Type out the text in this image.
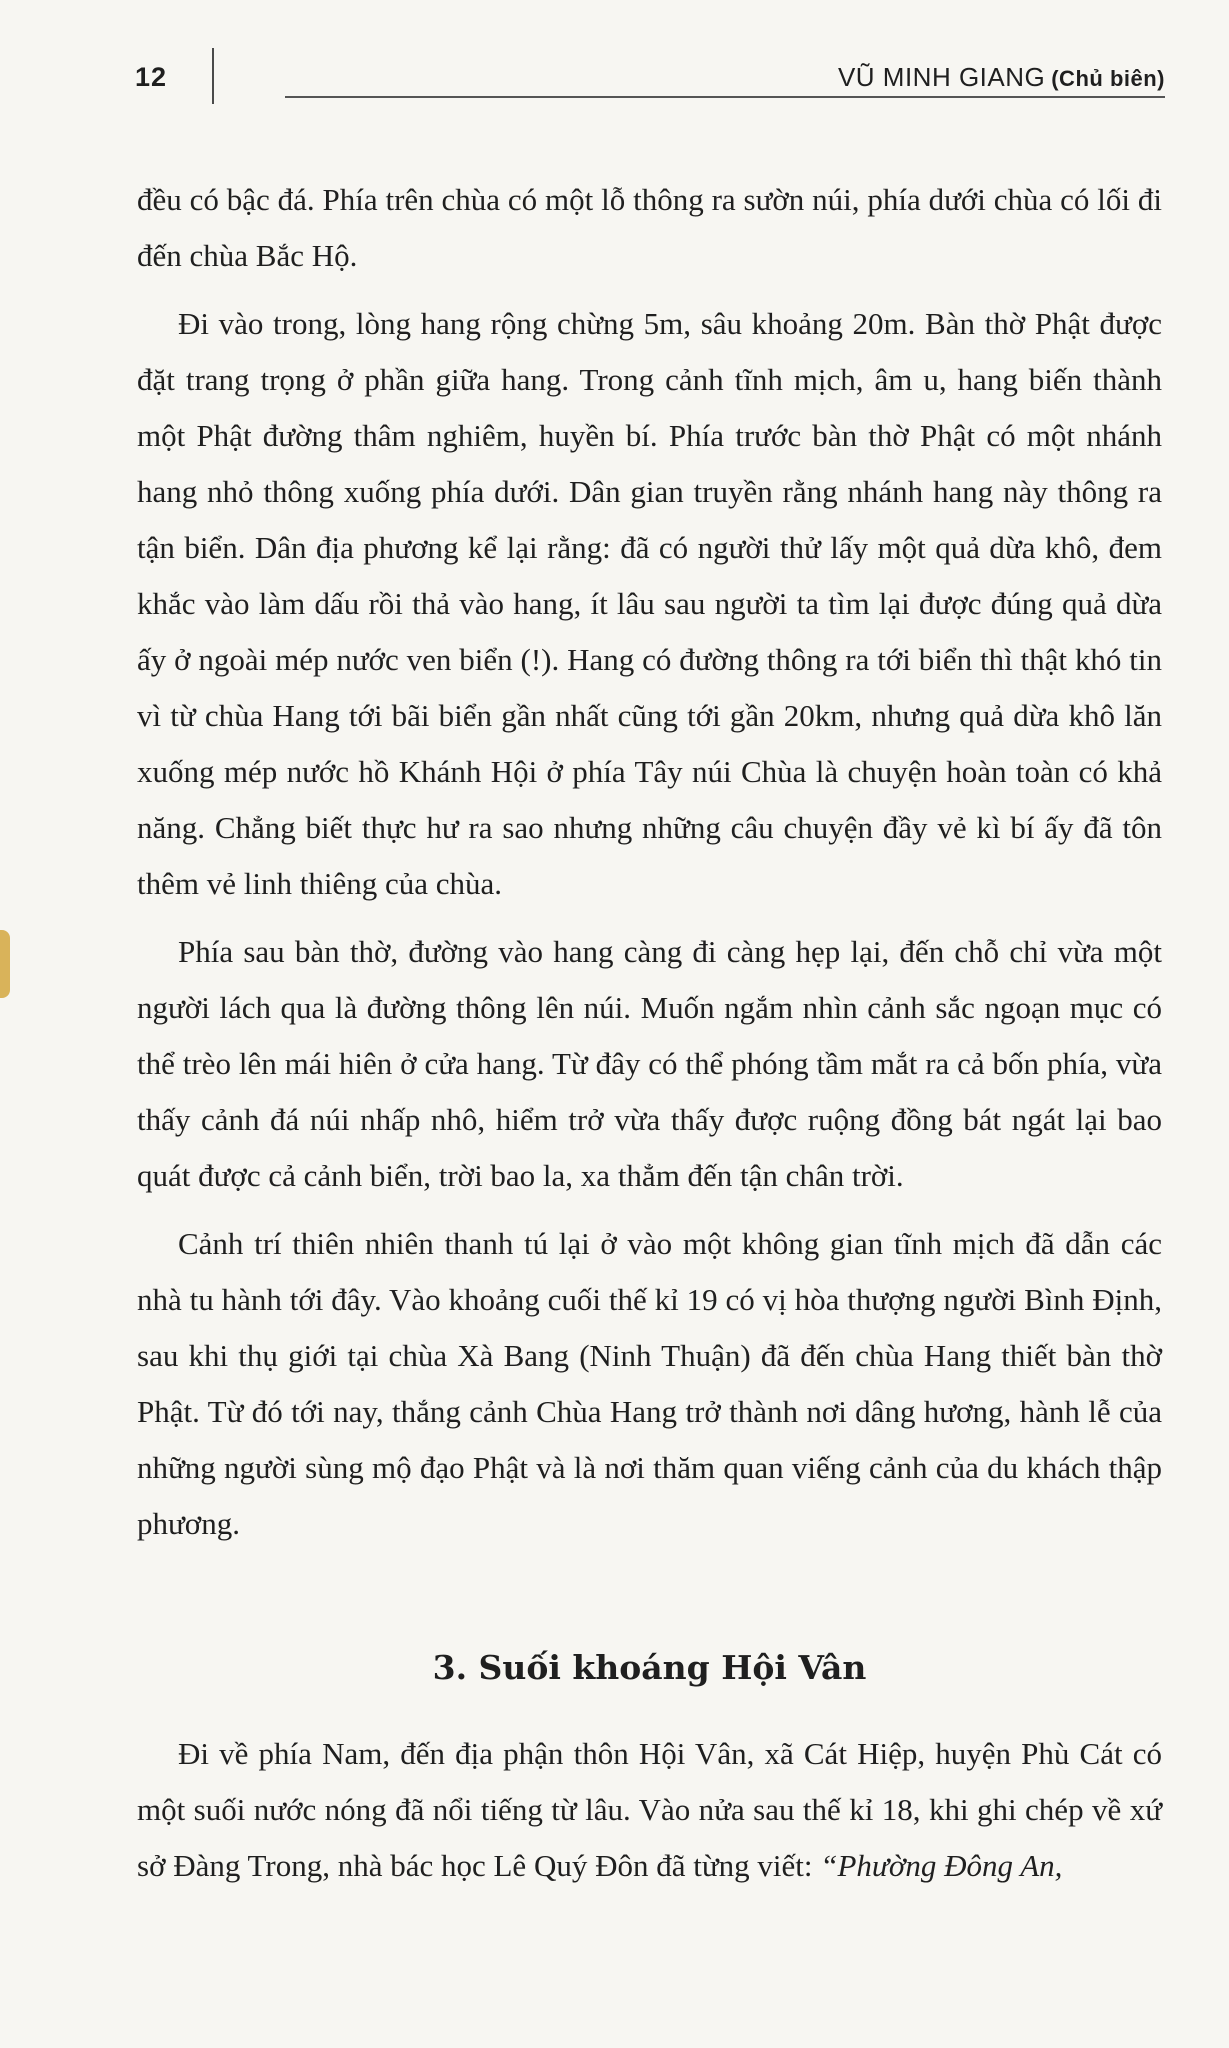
12	VŨ MINH GIANG (Chủ biên)

đều có bậc đá. Phía trên chùa có một lỗ thông ra sườn núi, phía dưới chùa có lối đi đến chùa Bắc Hộ.

Đi vào trong, lòng hang rộng chừng 5m, sâu khoảng 20m. Bàn thờ Phật được đặt trang trọng ở phần giữa hang. Trong cảnh tĩnh mịch, âm u, hang biến thành một Phật đường thâm nghiêm, huyền bí. Phía trước bàn thờ Phật có một nhánh hang nhỏ thông xuống phía dưới. Dân gian truyền rằng nhánh hang này thông ra tận biển. Dân địa phương kể lại rằng: đã có người thử lấy một quả dừa khô, đem khắc vào làm dấu rồi thả vào hang, ít lâu sau người ta tìm lại được đúng quả dừa ấy ở ngoài mép nước ven biển (!). Hang có đường thông ra tới biển thì thật khó tin vì từ chùa Hang tới bãi biển gần nhất cũng tới gần 20km, nhưng quả dừa khô lăn xuống mép nước hồ Khánh Hội ở phía Tây núi Chùa là chuyện hoàn toàn có khả năng. Chẳng biết thực hư ra sao nhưng những câu chuyện đầy vẻ kì bí ấy đã tôn thêm vẻ linh thiêng của chùa.

Phía sau bàn thờ, đường vào hang càng đi càng hẹp lại, đến chỗ chỉ vừa một người lách qua là đường thông lên núi. Muốn ngắm nhìn cảnh sắc ngoạn mục có thể trèo lên mái hiên ở cửa hang. Từ đây có thể phóng tầm mắt ra cả bốn phía, vừa thấy cảnh đá núi nhấp nhô, hiểm trở vừa thấy được ruộng đồng bát ngát lại bao quát được cả cảnh biển, trời bao la, xa thẳm đến tận chân trời.

Cảnh trí thiên nhiên thanh tú lại ở vào một không gian tĩnh mịch đã dẫn các nhà tu hành tới đây. Vào khoảng cuối thế kỉ 19 có vị hòa thượng người Bình Định, sau khi thụ giới tại chùa Xà Bang (Ninh Thuận) đã đến chùa Hang thiết bàn thờ Phật. Từ đó tới nay, thắng cảnh Chùa Hang trở thành nơi dâng hương, hành lễ của những người sùng mộ đạo Phật và là nơi thăm quan viếng cảnh của du khách thập phương.

3. Suối khoáng Hội Vân

Đi về phía Nam, đến địa phận thôn Hội Vân, xã Cát Hiệp, huyện Phù Cát có một suối nước nóng đã nổi tiếng từ lâu. Vào nửa sau thế kỉ 18, khi ghi chép về xứ sở Đàng Trong, nhà bác học Lê Quý Đôn đã từng viết: “Phường Đông An,
